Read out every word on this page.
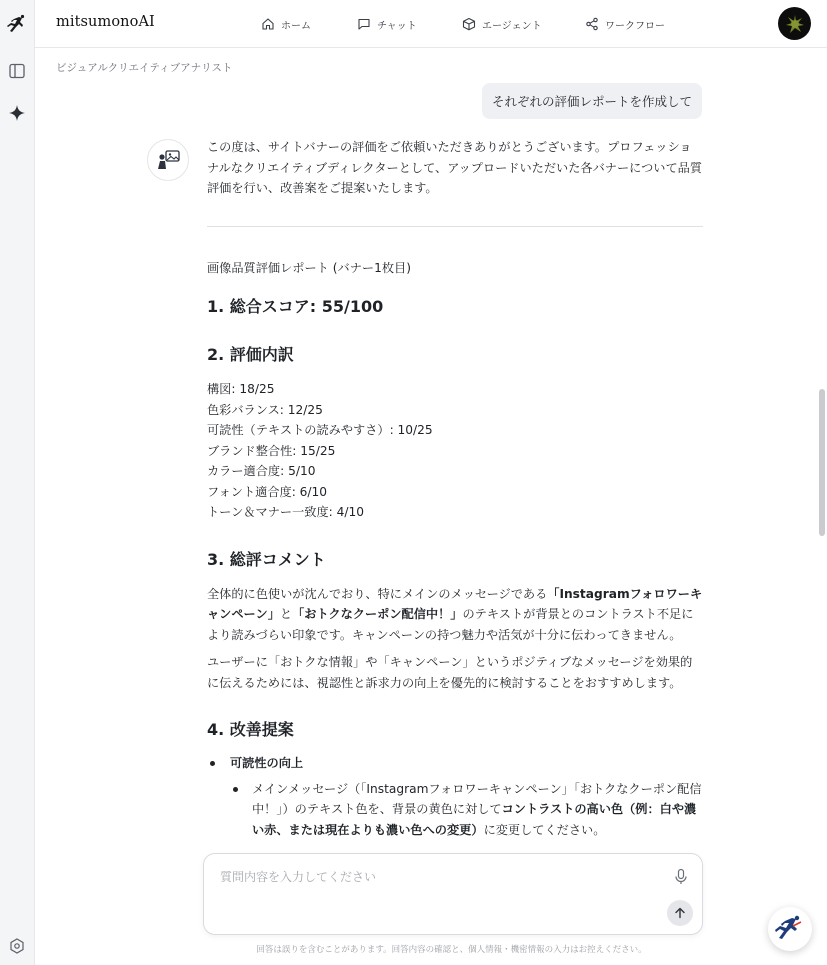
mitsumonoAI	ホーム	チャット	エージェント	ワークフロー
ビジュアルクリエイティブアナリスト
それぞれの評価レポートを作成して
この度は、サイトバナーの評価をご依頼いただきありがとうございます。プロフェッショナルなクリエイティブディレクターとして、アップロードいただいた各バナーについて品質評価を行い、改善案をご提案いたします。
画像品質評価レポート (バナー1枚目)
1. 総合スコア: 55/100
2. 評価内訳
構図: 18/25
色彩バランス: 12/25
可読性（テキストの読みやすさ）: 10/25
ブランド整合性: 15/25
カラー適合度: 5/10
フォント適合度: 6/10
トーン＆マナー一致度: 4/10
3. 総評コメント

全体的に色使いが沈んでおり、特にメインのメッセージである「Instagramフォロワーキャンペーン」と「おトクなクーポン配信中！」のテキストが背景とのコントラスト不足により読みづらい印象です。キャンペーンの持つ魅力や活気が十分に伝わってきません。

ユーザーに「おトクな情報」や「キャンペーン」というポジティブなメッセージを効果的に伝えるためには、視認性と訴求力の向上を優先的に検討することをおすすめします。

4. 改善提案
可読性の向上
メインメッセージ（「Instagramフォロワーキャンペーン」「おトクなクーポン配信中！」）のテキスト色を、背景の黄色に対してコントラストの高い色（例：白や濃い赤、または現在よりも濃い色への変更）に変更してください。
質問内容を入力してください
回答は誤りを含むことがあります。回答内容の確認と、個人情報・機密情報の入力はお控えください。
